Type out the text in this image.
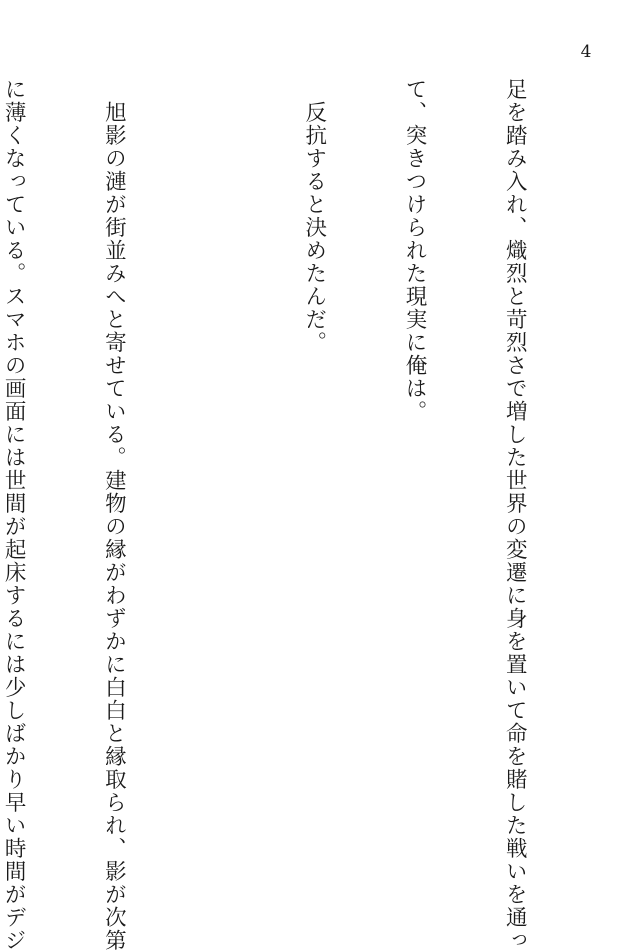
4

足を踏み入れ、熾烈と苛烈さで増した世界の変遷に身を置いて命を賭した戦いを通っ

て、突きつけられた現実に俺は。

　反抗すると決めたんだ。

　旭影の漣が街並みへと寄せている。建物の縁がわずかに白白と縁取られ、影が次第

に薄くなっている。スマホの画面には世間が起床するには少しばかり早い時間がデジ
